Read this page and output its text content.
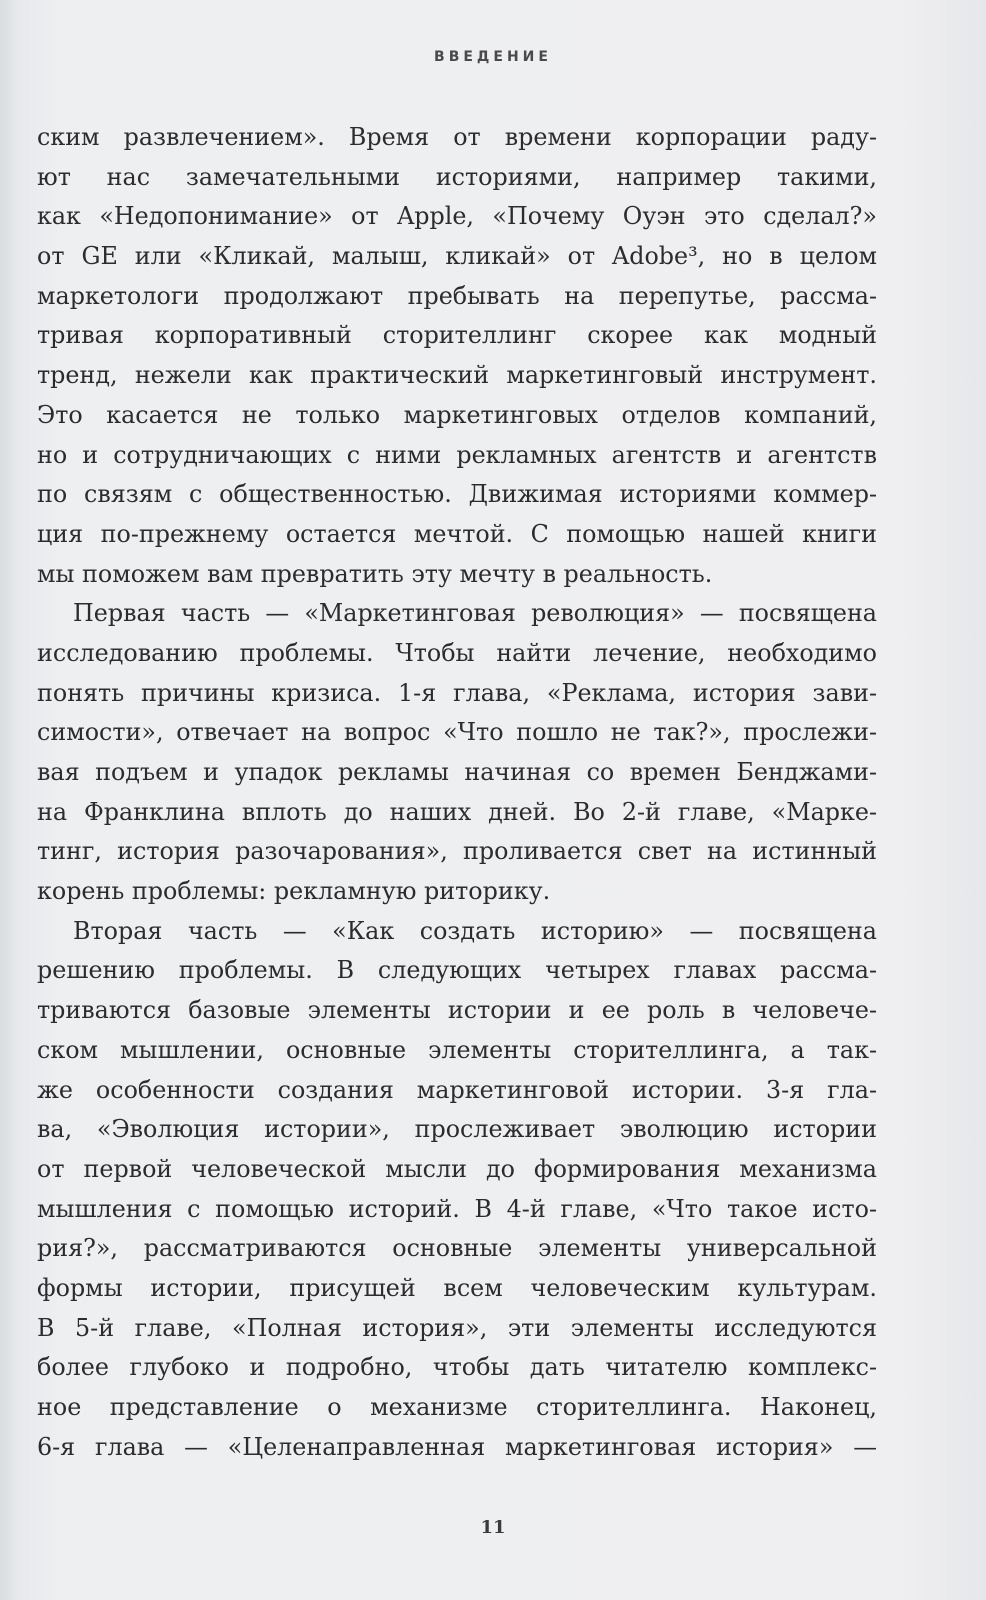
ВВЕДЕНИЕ
ским развлечением». Время от времени корпорации раду-
ют нас замечательными историями, например такими,
как «Недопонимание» от Apple, «Почему Оуэн это сделал?»
от GE или «Кликай, малыш, кликай» от Adobe³, но в целом
маркетологи продолжают пребывать на перепутье, рассма-
тривая корпоративный сторителлинг скорее как модный
тренд, нежели как практический маркетинговый инструмент.
Это касается не только маркетинговых отделов компаний,
но и сотрудничающих с ними рекламных агентств и агентств
по связям с общественностью. Движимая историями коммер-
ция по-прежнему остается мечтой. С помощью нашей книги
мы поможем вам превратить эту мечту в реальность.
Первая часть — «Маркетинговая революция» — посвящена
исследованию проблемы. Чтобы найти лечение, необходимо
понять причины кризиса. 1-я глава, «Реклама, история зави-
симости», отвечает на вопрос «Что пошло не так?», прослежи-
вая подъем и упадок рекламы начиная со времен Бенджами-
на Франклина вплоть до наших дней. Во 2-й главе, «Марке-
тинг, история разочарования», проливается свет на истинный
корень проблемы: рекламную риторику.
Вторая часть — «Как создать историю» — посвящена
решению проблемы. В следующих четырех главах рассма-
триваются базовые элементы истории и ее роль в человече-
ском мышлении, основные элементы сторителлинга, а так-
же особенности создания маркетинговой истории. 3-я гла-
ва, «Эволюция истории», прослеживает эволюцию истории
от первой человеческой мысли до формирования механизма
мышления с помощью историй. В 4-й главе, «Что такое исто-
рия?», рассматриваются основные элементы универсальной
формы истории, присущей всем человеческим культурам.
В 5-й главе, «Полная история», эти элементы исследуются
более глубоко и подробно, чтобы дать читателю комплекс-
ное представление о механизме сторителлинга. Наконец,
6-я глава — «Целенаправленная маркетинговая история» —
11
